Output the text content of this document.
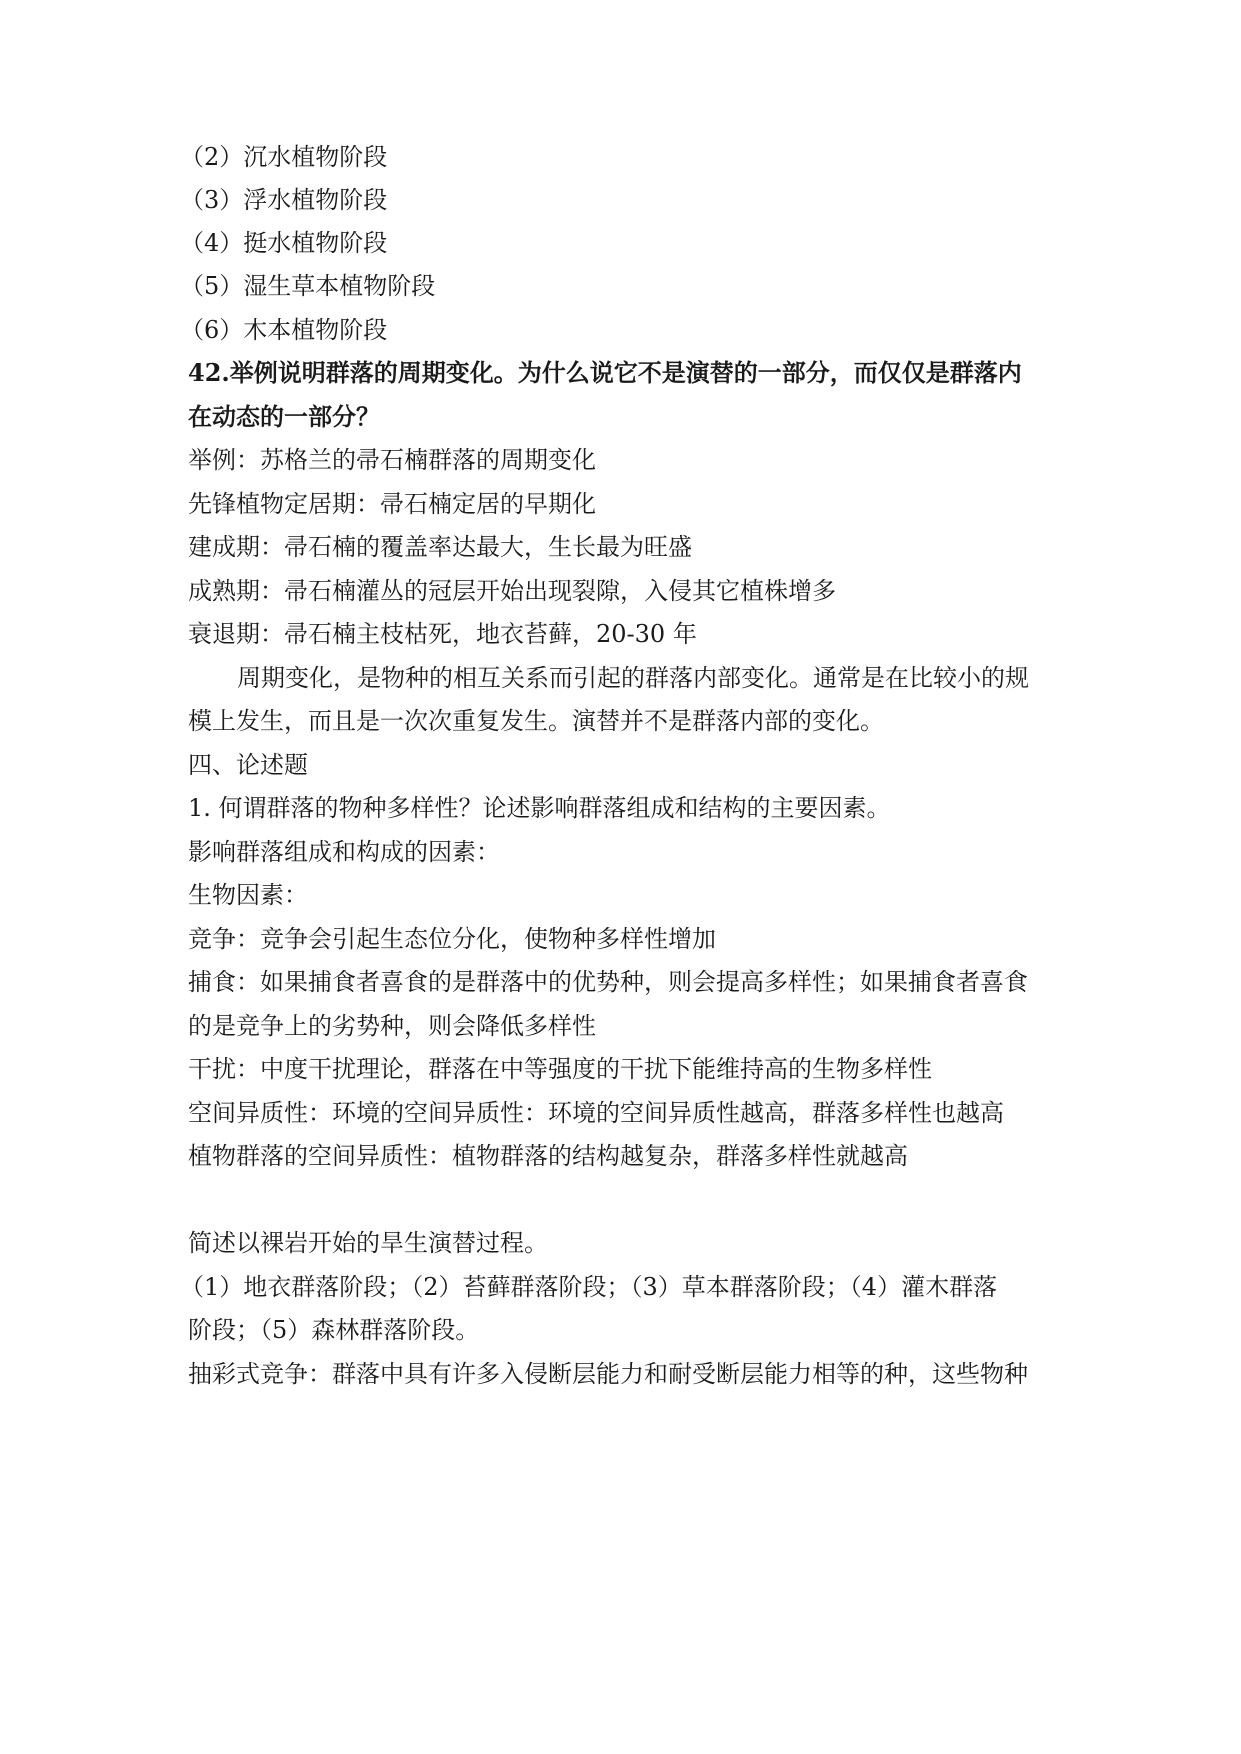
（2）沉水植物阶段
（3）浮水植物阶段
（4）挺水植物阶段
（5）湿生草本植物阶段
（6）木本植物阶段
42.举例说明群落的周期变化。为什么说它不是演替的一部分，而仅仅是群落内
在动态的一部分？
举例：苏格兰的帚石楠群落的周期变化
先锋植物定居期：帚石楠定居的早期化
建成期：帚石楠的覆盖率达最大，生长最为旺盛
成熟期：帚石楠灌丛的冠层开始出现裂隙，入侵其它植株增多
衰退期：帚石楠主枝枯死，地衣苔藓，20-30 年
周期变化，是物种的相互关系而引起的群落内部变化。通常是在比较小的规
模上发生，而且是一次次重复发生。演替并不是群落内部的变化。
四、论述题
1. 何谓群落的物种多样性？论述影响群落组成和结构的主要因素。
影响群落组成和构成的因素：
生物因素：
竞争：竞争会引起生态位分化，使物种多样性增加
捕食：如果捕食者喜食的是群落中的优势种，则会提高多样性；如果捕食者喜食
的是竞争上的劣势种，则会降低多样性
干扰：中度干扰理论，群落在中等强度的干扰下能维持高的生物多样性
空间异质性：环境的空间异质性：环境的空间异质性越高，群落多样性也越高
植物群落的空间异质性：植物群落的结构越复杂，群落多样性就越高
简述以裸岩开始的旱生演替过程。
（1）地衣群落阶段；（2）苔藓群落阶段；（3）草本群落阶段；（4）灌木群落
阶段；（5）森林群落阶段。
抽彩式竞争：群落中具有许多入侵断层能力和耐受断层能力相等的种，这些物种
